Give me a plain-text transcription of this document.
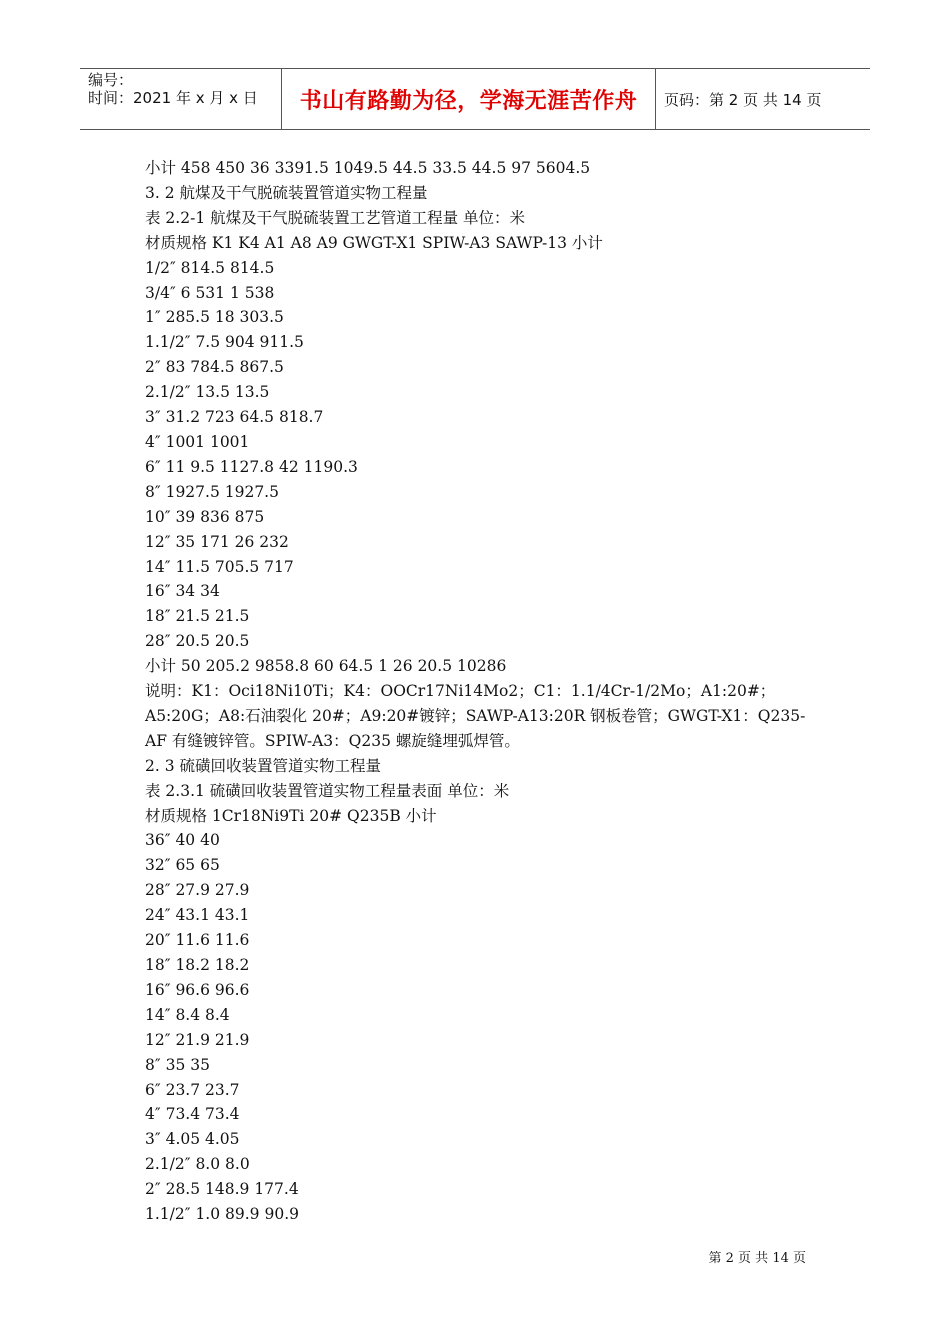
编号：
时间：2021 年 x 月 x 日	书山有路勤为径，学海无涯苦作舟	页码：第 2 页 共 14 页
小计 458 450 36 3391.5 1049.5 44.5 33.5 44.5 97 5604.5
3. 2 航煤及干气脱硫装置管道实物工程量
表 2.2-1 航煤及干气脱硫装置工艺管道工程量 单位：米
材质规格 K1 K4 A1 A8 A9 GWGT-X1 SPIW-A3 SAWP-13 小计
1/2″ 814.5 814.5
3/4″ 6 531 1 538
1″ 285.5 18 303.5
1.1/2″ 7.5 904 911.5
2″ 83 784.5 867.5
2.1/2″ 13.5 13.5
3″ 31.2 723 64.5 818.7
4″ 1001 1001
6″ 11 9.5 1127.8 42 1190.3
8″ 1927.5 1927.5
10″ 39 836 875
12″ 35 171 26 232
14″ 11.5 705.5 717
16″ 34 34
18″ 21.5 21.5
28″ 20.5 20.5
小计 50 205.2 9858.8 60 64.5 1 26 20.5 10286
说明：K1：Oci18Ni10Ti；K4：OOCr17Ni14Mo2；C1：1.1/4Cr-1/2Mo；A1:20#；A5:20G；A8:石油裂化 20#；A9:20#镀锌；SAWP-A13:20R 钢板卷管；GWGT-X1：Q235-AF 有缝镀锌管。SPIW-A3：Q235 螺旋缝埋弧焊管。
2. 3 硫磺回收装置管道实物工程量
表 2.3.1 硫磺回收装置管道实物工程量表面 单位：米
材质规格 1Cr18Ni9Ti 20# Q235B 小计
36″ 40 40
32″ 65 65
28″ 27.9 27.9
24″ 43.1 43.1
20″ 11.6 11.6
18″ 18.2 18.2
16″ 96.6 96.6
14″ 8.4 8.4
12″ 21.9 21.9
8″ 35 35
6″ 23.7 23.7
4″ 73.4 73.4
3″ 4.05 4.05
2.1/2″ 8.0 8.0
2″ 28.5 148.9 177.4
1.1/2″ 1.0 89.9 90.9
第 2 页 共 14 页
